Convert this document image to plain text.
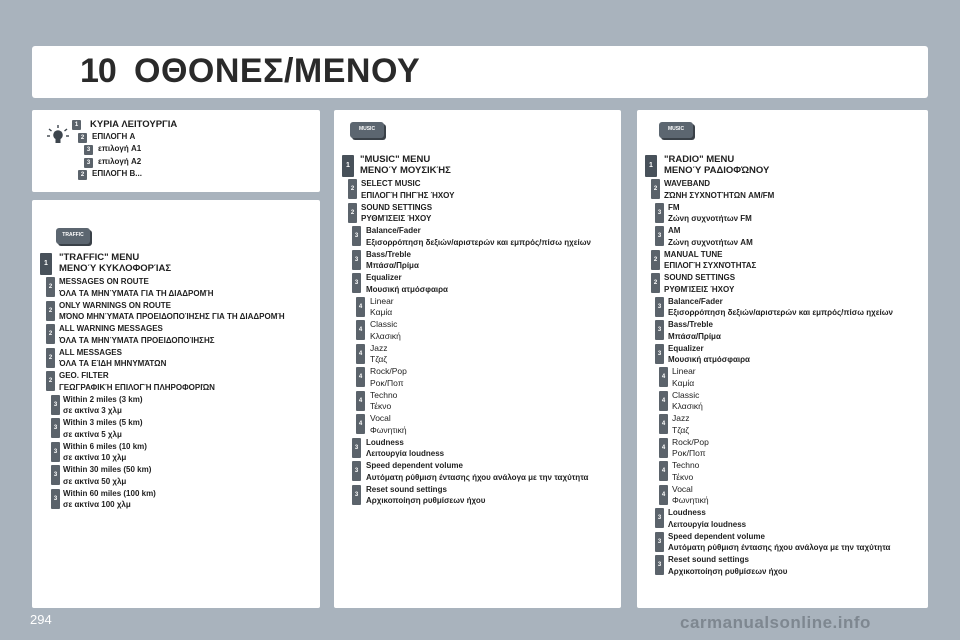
10 ΟΘΟΝΕΣ/ΜΕΝΟΥ
1 ΚΥΡΙΑ ΛΕΙΤΟΥΡΓΙΑ
2 ΕΠΙΛΟΓΗ A
3 επιλογή A1
3 επιλογή A2
2 ΕΠΙΛΟΓΗ B...
TRAFFIC
1
"TRAFFIC" MENU
ΜΕΝΟΎ ΚΥΚΛΟΦΟΡΊΑΣ
2
MESSAGES ON ROUTE
ΌΛΑ ΤΑ ΜΗΝΎΜΑΤΑ ΓΙΑ ΤΗ ΔΙΑΔΡΟΜΉ
2
ONLY WARNINGS ON ROUTE
ΜΌΝΟ ΜΗΝΎΜΑΤΑ ΠΡΟΕΙΔΟΠΟΊΗΣΗΣ ΓΙΑ ΤΗ ΔΙΑΔΡΟΜΉ
2
ALL WARNING MESSAGES
ΌΛΑ ΤΑ ΜΗΝΎΜΑΤΑ ΠΡΟΕΙΔΟΠΟΊΗΣΗΣ
2
ALL MESSAGES
ΌΛΑ ΤΑ ΕΊΔΗ ΜΗΝΥΜΆΤΩΝ
2
GEO. FILTER
ΓΕΩΓΡΑΦΙΚΉ ΕΠΙΛΟΓΉ ΠΛΗΡΟΦΟΡΙΏΝ
3
Within 2 miles (3 km)
σε ακτίνα 3 χλμ
3
Within 3 miles (5 km)
σε ακτίνα 5 χλμ
3
Within 6 miles (10 km)
σε ακτίνα 10 χλμ
3
Within 30 miles (50 km)
σε ακτίνα 50 χλμ
3
Within 60 miles (100 km)
σε ακτίνα 100 χλμ
MUSIC
1
"MUSIC" MENU
ΜΕΝΟΎ ΜΟΥΣΙΚΉΣ
2
SELECT MUSIC
ΕΠΙΛΟΓΉ ΠΗΓΉΣ ΉΧΟΥ
2
SOUND SETTINGS
ΡΥΘΜΊΣΕΙΣ ΉΧΟΥ
3
Balance/Fader
Εξισορρόπηση δεξιών/αριστερών και εμπρός/πίσω ηχείων
3
Bass/Treble
Μπάσα/Πρίμα
3
Equalizer
Μουσική ατμόσφαιρα
4
Linear
Καμία
4
Classic
Κλασική
4
Jazz
Τζαζ
4
Rock/Pop
Ροκ/Ποπ
4
Techno
Τέκνο
4
Vocal
Φωνητική
3
Loudness
Λειτουργία loudness
3
Speed dependent volume
Αυτόματη ρύθμιση έντασης ήχου ανάλογα με την ταχύτητα
3
Reset sound settings
Αρχικοποίηση ρυθμίσεων ήχου
MUSIC
1
"RADIO" MENU
ΜΕΝΟΎ ΡΑΔΙΟΦΏΝΟΥ
2
WAVEBAND
ΖΏΝΗ ΣΥΧΝΟΤΉΤΩΝ AM/FM
3
FM
Ζώνη συχνοτήτων FM
3
AM
Ζώνη συχνοτήτων AM
2
MANUAL TUNE
ΕΠΙΛΟΓΉ ΣΥΧΝΌΤΗΤΑΣ
2
SOUND SETTINGS
ΡΥΘΜΊΣΕΙΣ ΉΧΟΥ
3
Balance/Fader
Εξισορρόπηση δεξιών/αριστερών και εμπρός/πίσω ηχείων
3
Bass/Treble
Μπάσα/Πρίμα
3
Equalizer
Μουσική ατμόσφαιρα
4
Linear
Καμία
4
Classic
Κλασική
4
Jazz
Τζαζ
4
Rock/Pop
Ροκ/Ποπ
4
Techno
Τέκνο
4
Vocal
Φωνητική
3
Loudness
Λειτουργία loudness
3
Speed dependent volume
Αυτόματη ρύθμιση έντασης ήχου ανάλογα με την ταχύτητα
3
Reset sound settings
Αρχικοποίηση ρυθμίσεων ήχου
294	carmanualsonline.info
